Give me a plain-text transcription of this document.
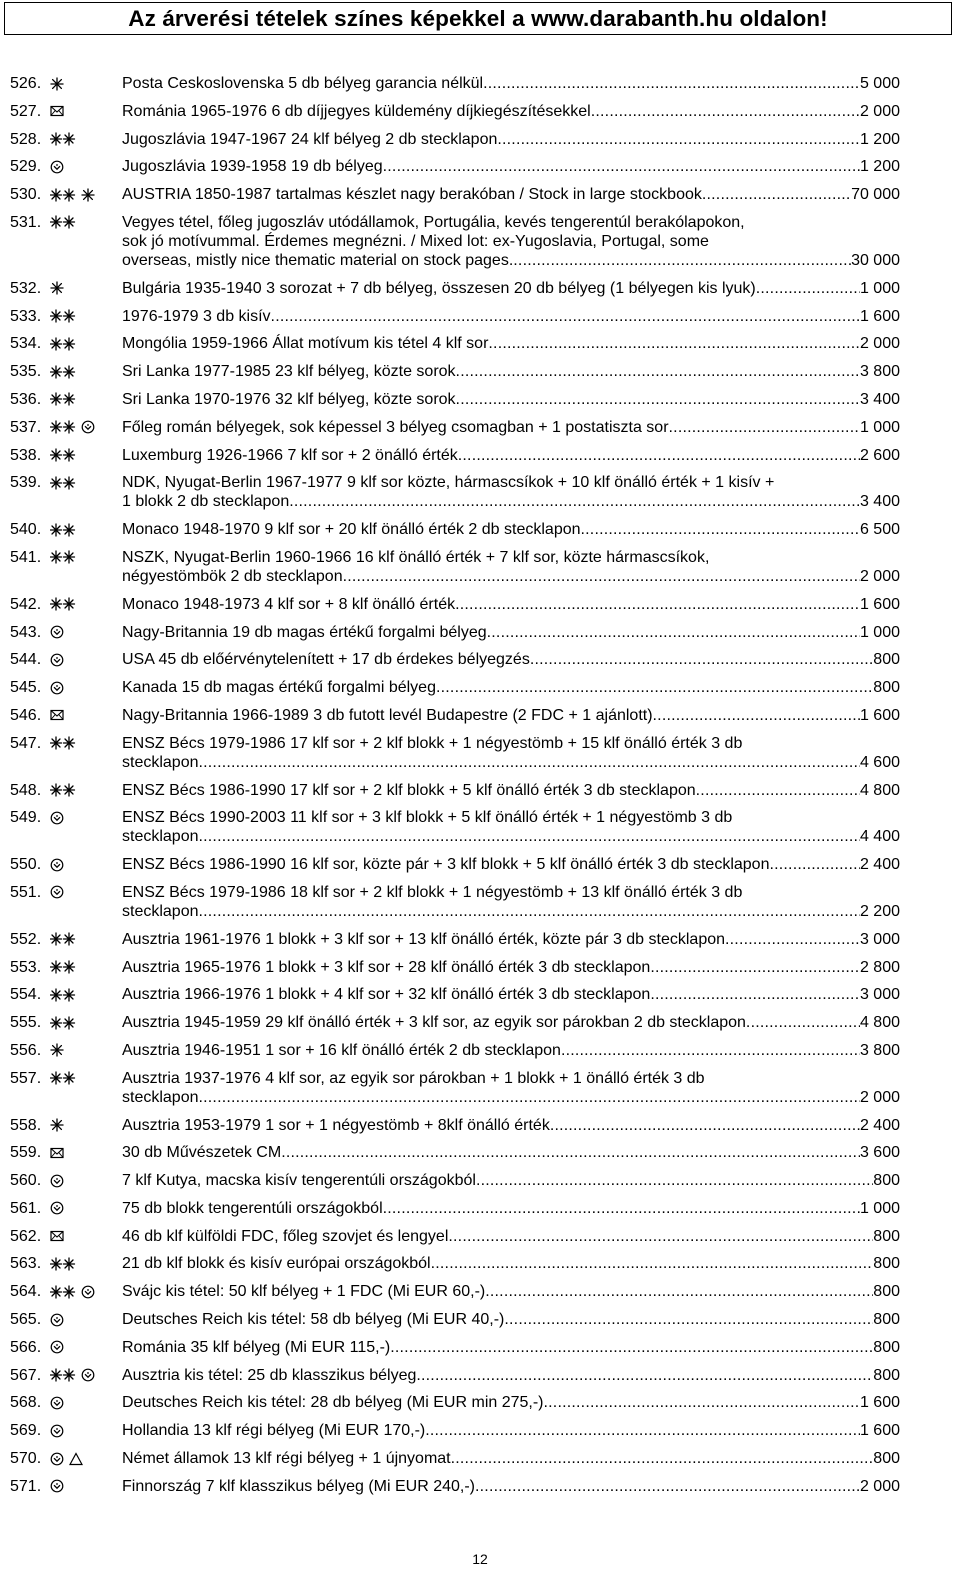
Az árverési tételek színes képekkel a www.darabanth.hu oldalon!
526.	Posta Ceskoslovenska 5 db bélyeg garancia nélkül .....	5 000
527.	Románia 1965-1976 6 db díjjegyes küldemény díjkiegészítésekkel .....	2 000
528.	Jugoszlávia 1947-1967 24 klf bélyeg 2 db stecklapon .....	1 200
529.	Jugoszlávia 1939-1958 19 db bélyeg .....	1 200
530.	AUSTRIA 1850-1987 tartalmas készlet nagy berakóban / Stock in large stockbook .....	70 000
531.	Vegyes tétel, főleg jugoszláv utódállamok, Portugália, kevés tengerentúl berakólapokon,
sok jó motívummal. Érdemes megnézni. / Mixed lot: ex-Yugoslavia, Portugal, some
overseas, mistly nice thematic material on stock pages. .....	30 000
532.	Bulgária 1935-1940 3 sorozat + 7 db bélyeg, összesen 20 db bélyeg (1 bélyegen kis lyuk) .....	1 000
533.	1976-1979 3 db kisív .....	1 600
534.	Mongólia 1959-1966 Állat motívum kis tétel 4 klf sor .....	2 000
535.	Sri Lanka 1977-1985 23 klf bélyeg, közte sorok .....	3 800
536.	Sri Lanka 1970-1976 32 klf bélyeg, közte sorok .....	3 400
537.	Főleg román bélyegek, sok képessel 3 bélyeg csomagban + 1 postatiszta sor .....	1 000
538.	Luxemburg 1926-1966 7 klf sor + 2 önálló érték .....	2 600
539.	NDK, Nyugat-Berlin 1967-1977 9 klf sor közte, hármascsíkok + 10 klf önálló érték + 1 kisív +
1 blokk 2 db stecklapon .....	3 400
540.	Monaco 1948-1970 9 klf sor + 20 klf önálló érték 2 db stecklapon .....	6 500
541.	NSZK, Nyugat-Berlin 1960-1966 16 klf önálló érték + 7 klf sor, közte hármascsíkok,
négyestömbök 2 db stecklapon .....	2 000
542.	Monaco 1948-1973 4 klf sor + 8 klf önálló érték .....	1 600
543.	Nagy-Britannia 19 db magas értékű forgalmi bélyeg .....	1 000
544.	USA 45 db előérvénytelenített + 17 db érdekes bélyegzés .....	800
545.	Kanada 15 db magas értékű forgalmi bélyeg .....	800
546.	Nagy-Britannia 1966-1989 3 db futott levél Budapestre (2 FDC + 1 ajánlott) .....	1 600
547.	ENSZ Bécs 1979-1986 17 klf sor + 2 klf blokk + 1 négyestömb + 15 klf önálló érték 3 db
stecklapon .....	4 600
548.	ENSZ Bécs 1986-1990 17 klf sor + 2 klf blokk + 5 klf önálló érték 3 db stecklapon .....	4 800
549.	ENSZ Bécs 1990-2003 11 klf sor + 3 klf blokk + 5 klf önálló érték + 1 négyestömb 3 db
stecklapon .....	4 400
550.	ENSZ Bécs 1986-1990 16 klf sor, közte pár + 3 klf blokk + 5 klf önálló érték 3 db stecklapon .....	2 400
551.	ENSZ Bécs 1979-1986 18 klf sor + 2 klf blokk + 1 négyestömb + 13 klf önálló érték 3 db
stecklapon .....	2 200
552.	Ausztria 1961-1976 1 blokk + 3 klf sor + 13 klf önálló érték, közte pár 3 db stecklapon .....	3 000
553.	Ausztria 1965-1976 1 blokk + 3 klf sor + 28 klf önálló érték 3 db stecklapon .....	2 800
554.	Ausztria 1966-1976 1 blokk + 4 klf sor + 32 klf önálló érték 3 db stecklapon .....	3 000
555.	Ausztria 1945-1959 29 klf önálló érték + 3 klf sor, az egyik sor párokban 2 db stecklapon .....	4 800
556.	Ausztria 1946-1951 1 sor + 16 klf önálló érték 2 db stecklapon .....	3 800
557.	Ausztria 1937-1976 4 klf sor, az egyik sor párokban + 1 blokk + 1 önálló érték 3 db
stecklapon .....	2 000
558.	Ausztria 1953-1979 1 sor + 1 négyestömb + 8klf önálló érték .....	2 400
559.	30 db Művészetek CM .....	3 600
560.	7 klf Kutya, macska kisív tengerentúli országokból .....	800
561.	75 db blokk tengerentúli országokból .....	1 000
562.	46 db klf külföldi FDC, főleg szovjet és lengyel .....	800
563.	21 db klf blokk és kisív európai országokból .....	800
564.	Svájc kis tétel: 50 klf bélyeg + 1 FDC (Mi EUR 60,-) .....	800
565.	Deutsches Reich kis tétel: 58 db bélyeg (Mi EUR 40,-) .....	800
566.	Románia 35 klf bélyeg (Mi EUR 115,-) .....	800
567.	Ausztria kis tétel: 25 db klasszikus bélyeg .....	800
568.	Deutsches Reich kis tétel: 28 db bélyeg (Mi EUR min 275,-) .....	1 600
569.	Hollandia 13 klf régi bélyeg (Mi EUR 170,-) .....	1 600
570.	Német államok 13 klf régi bélyeg + 1 újnyomat .....	800
571.	Finnország 7 klf klasszikus bélyeg (Mi EUR 240,-) .....	2 000
12
